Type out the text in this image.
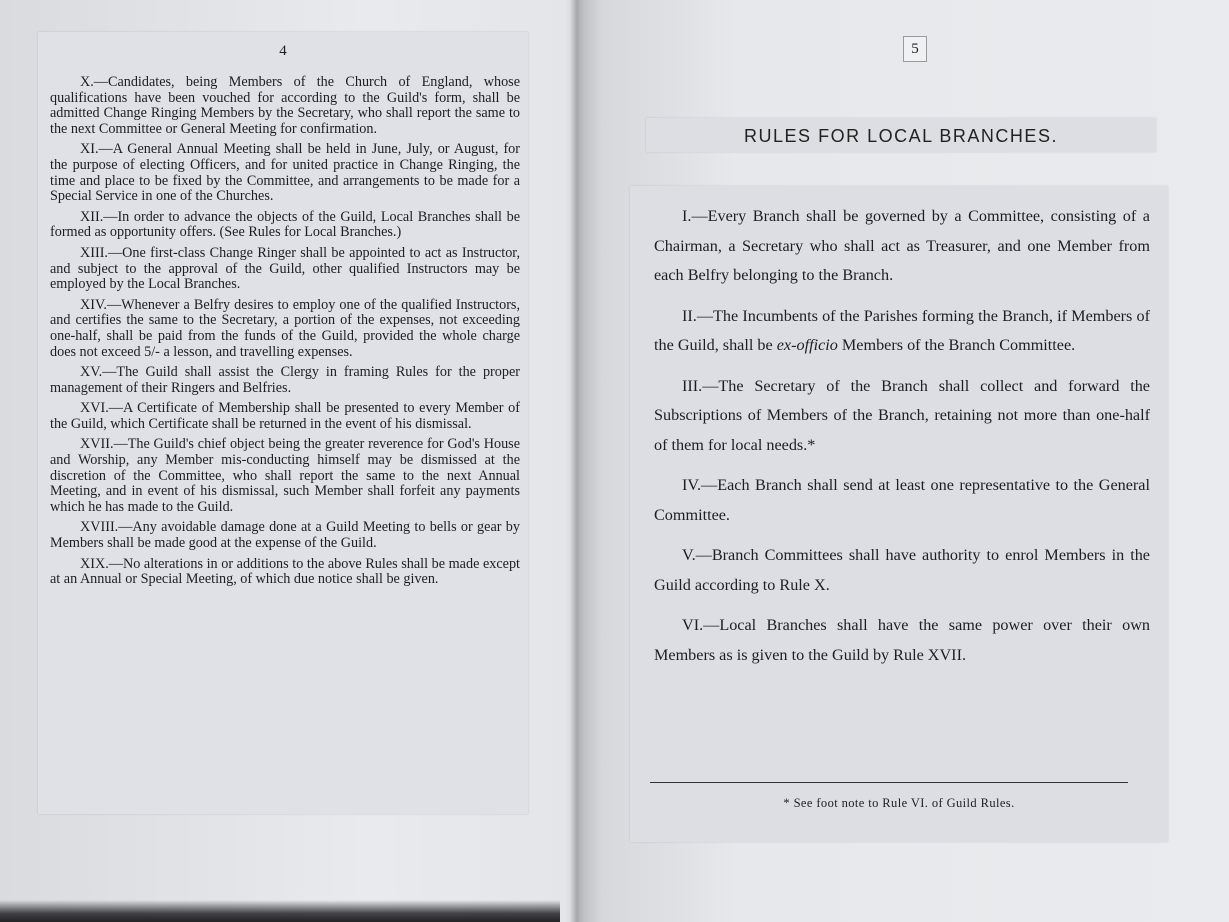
4

X.—Candidates, being Members of the Church of England, whose qualifications have been vouched for according to the Guild's form, shall be admitted Change Ringing Members by the Secretary, who shall report the same to the next Committee or General Meeting for confirmation.

XI.—A General Annual Meeting shall be held in June, July, or August, for the purpose of electing Officers, and for united practice in Change Ringing, the time and place to be fixed by the Committee, and arrangements to be made for a Special Service in one of the Churches.

XII.—In order to advance the objects of the Guild, Local Branches shall be formed as opportunity offers. (See Rules for Local Branches.)

XIII.—One first-class Change Ringer shall be appointed to act as Instructor, and subject to the approval of the Guild, other qualified Instructors may be employed by the Local Branches.

XIV.—Whenever a Belfry desires to employ one of the qualified Instructors, and certifies the same to the Secretary, a portion of the expenses, not exceeding one-half, shall be paid from the funds of the Guild, provided the whole charge does not exceed 5/- a lesson, and travelling expenses.

XV.—The Guild shall assist the Clergy in framing Rules for the proper management of their Ringers and Belfries.

XVI.—A Certificate of Membership shall be presented to every Member of the Guild, which Certificate shall be returned in the event of his dismissal.

XVII.—The Guild's chief object being the greater reverence for God's House and Worship, any Member mis-conducting himself may be dismissed at the discretion of the Committee, who shall report the same to the next Annual Meeting, and in event of his dismissal, such Member shall forfeit any payments which he has made to the Guild.

XVIII.—Any avoidable damage done at a Guild Meeting to bells or gear by Members shall be made good at the expense of the Guild.

XIX.—No alterations in or additions to the above Rules shall be made except at an Annual or Special Meeting, of which due notice shall be given.

5
RULES FOR LOCAL BRANCHES.

I.—Every Branch shall be governed by a Committee, consisting of a Chairman, a Secretary who shall act as Treasurer, and one Member from each Belfry belonging to the Branch.

II.—The Incumbents of the Parishes forming the Branch, if Members of the Guild, shall be ex-officio Members of the Branch Committee.

III.—The Secretary of the Branch shall collect and forward the Subscriptions of Members of the Branch, retaining not more than one-half of them for local needs.*

IV.—Each Branch shall send at least one representative to the General Committee.

V.—Branch Committees shall have authority to enrol Members in the Guild according to Rule X.

VI.—Local Branches shall have the same power over their own Members as is given to the Guild by Rule XVII.

* See foot note to Rule VI. of Guild Rules.
